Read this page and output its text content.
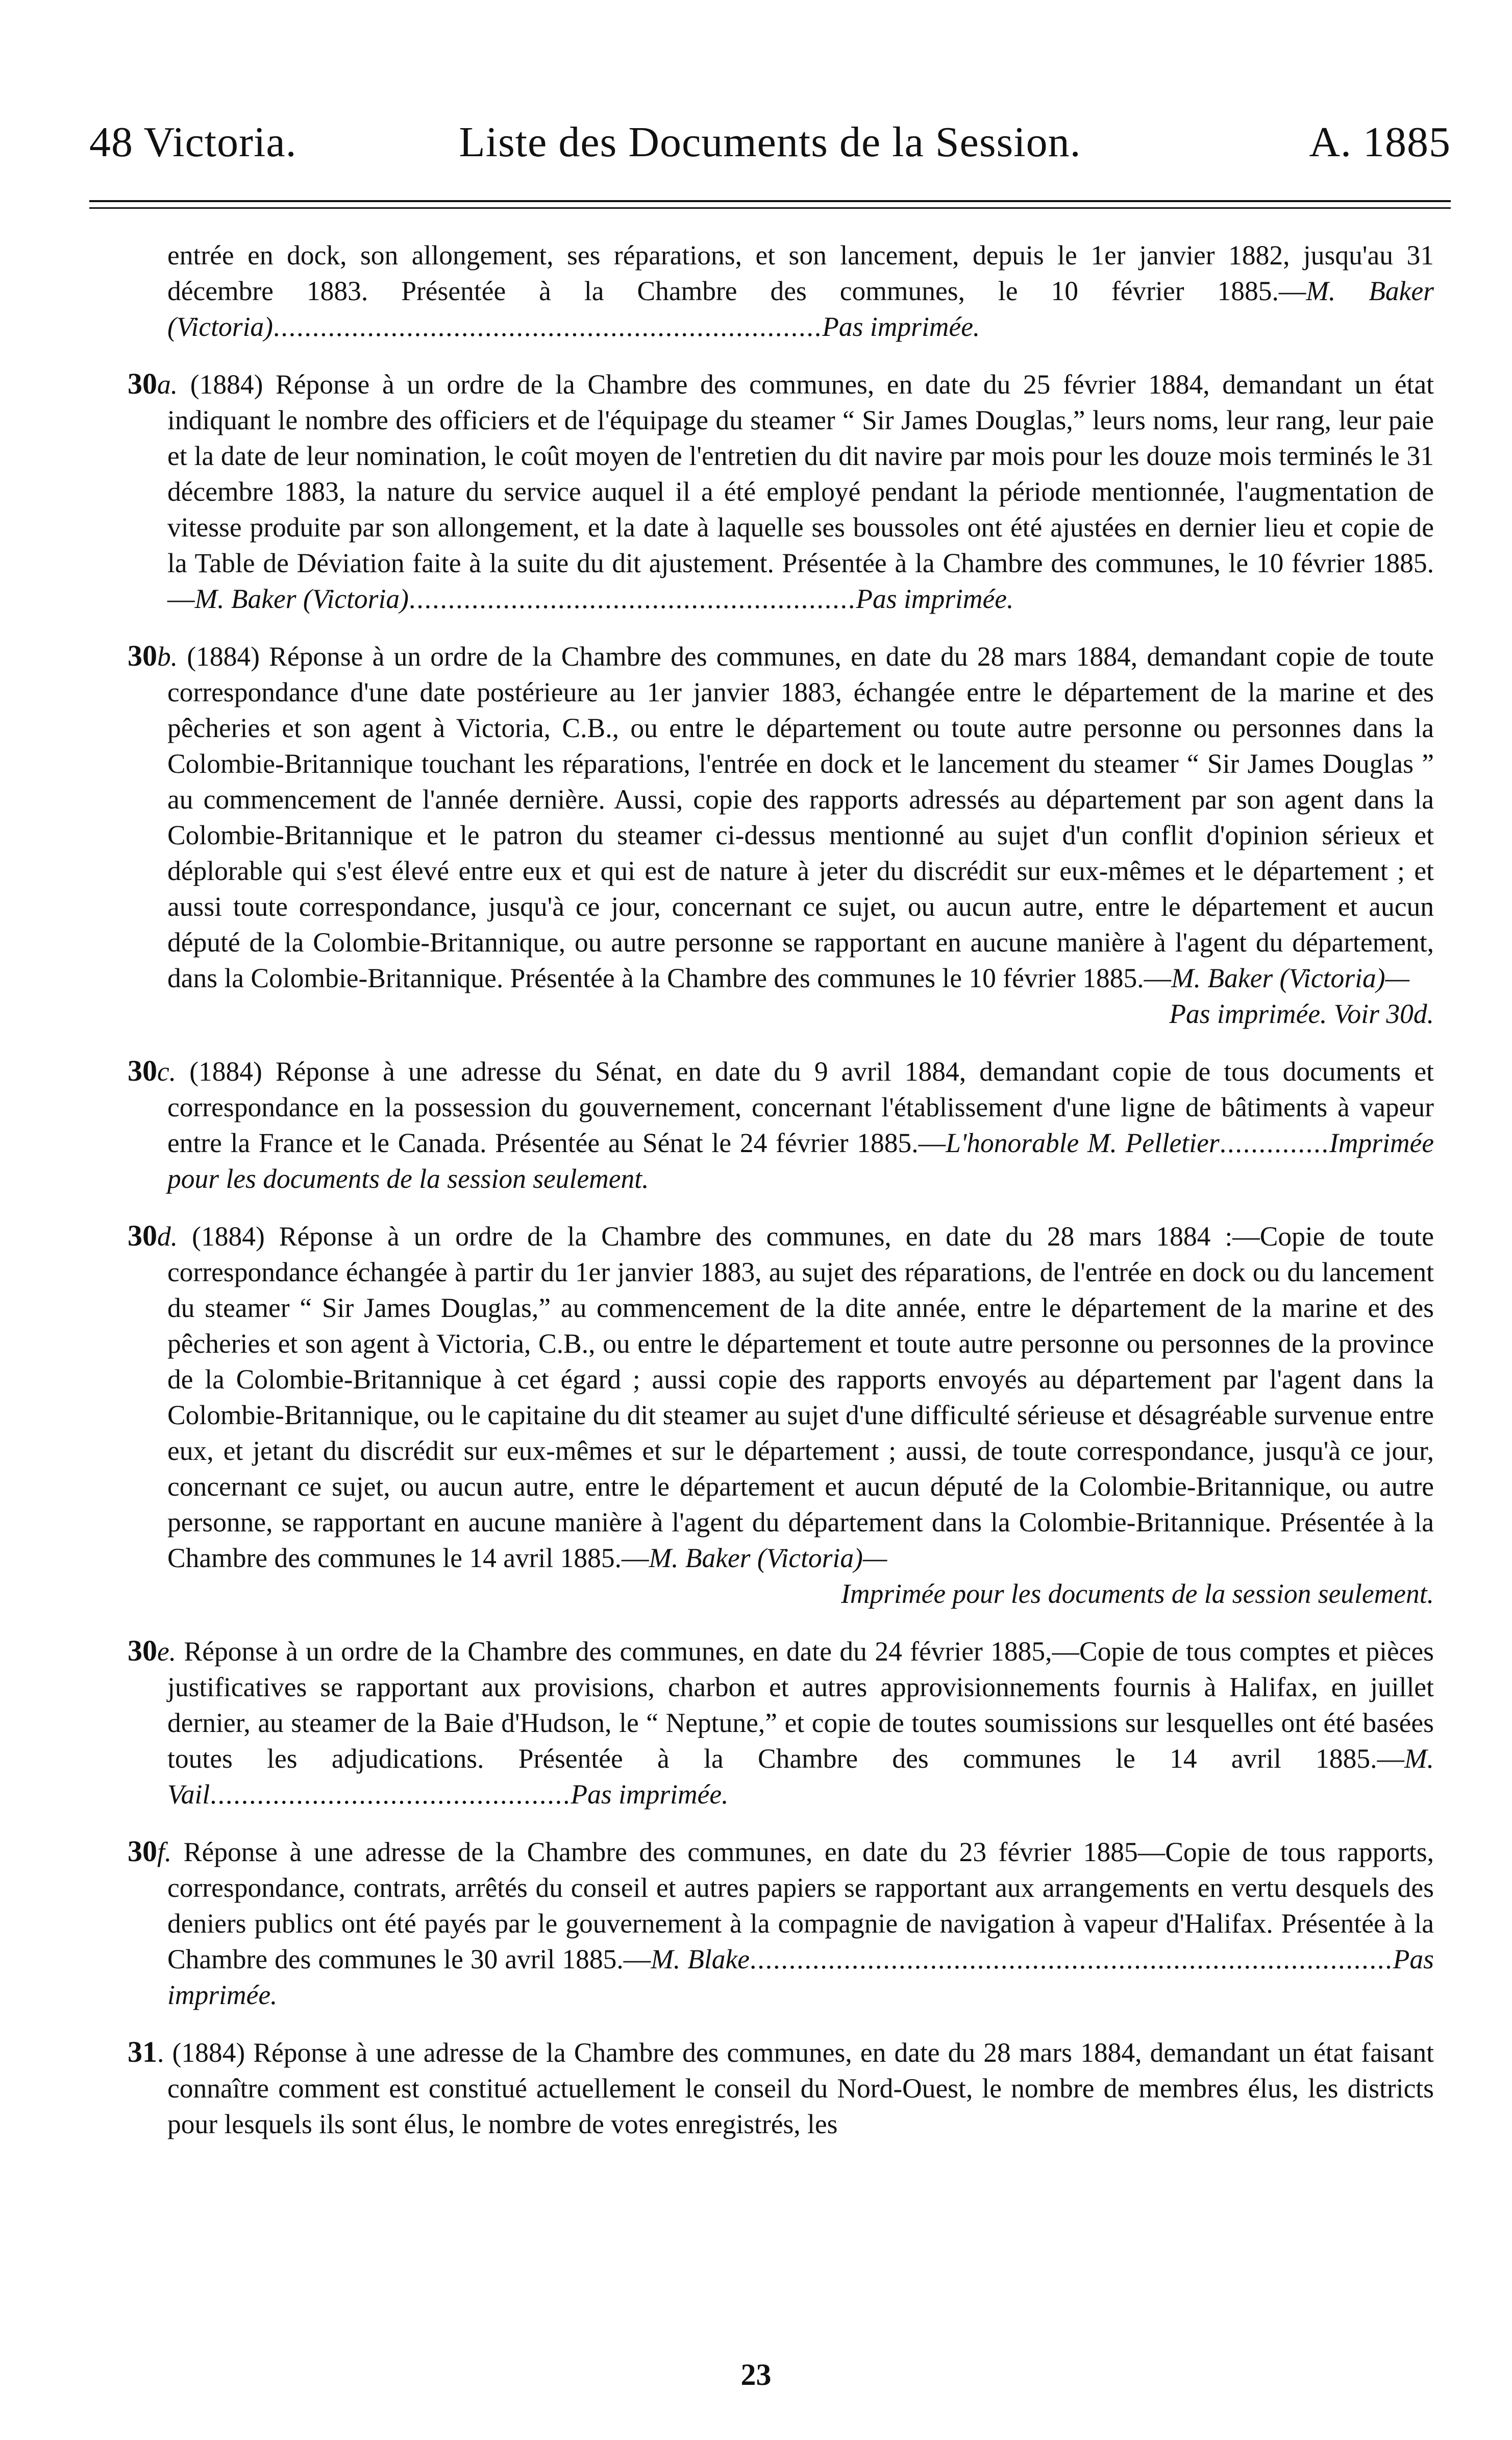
48 Victoria.	Liste des Documents de la Session.	A. 1885

entrée en dock, son allongement, ses réparations, et son lancement, depuis le 1er janvier 1882, jusqu'au 31 décembre 1883. Présentée à la Chambre des communes, le 10 février 1885.—M. Baker (Victoria)......................................................................Pas imprimée.

30a. (1884) Réponse à un ordre de la Chambre des communes, en date du 25 février 1884, demandant un état indiquant le nombre des officiers et de l'équipage du steamer “ Sir James Douglas,” leurs noms, leur rang, leur paie et la date de leur nomination, le coût moyen de l'entretien du dit navire par mois pour les douze mois terminés le 31 décembre 1883, la nature du service auquel il a été employé pendant la période mentionnée, l'augmentation de vitesse produite par son allongement, et la date à laquelle ses boussoles ont été ajustées en dernier lieu et copie de la Table de Déviation faite à la suite du dit ajustement. Présentée à la Chambre des communes, le 10 février 1885.—M. Baker (Victoria).........................................................Pas imprimée.

30b. (1884) Réponse à un ordre de la Chambre des communes, en date du 28 mars 1884, demandant copie de toute correspondance d'une date postérieure au 1er janvier 1883, échangée entre le département de la marine et des pêcheries et son agent à Victoria, C.B., ou entre le département ou toute autre personne ou personnes dans la Colombie-Britannique touchant les réparations, l'entrée en dock et le lancement du steamer “ Sir James Douglas ” au commencement de l'année dernière. Aussi, copie des rapports adressés au département par son agent dans la Colombie-Britannique et le patron du steamer ci-dessus mentionné au sujet d'un conflit d'opinion sérieux et déplorable qui s'est élevé entre eux et qui est de nature à jeter du discrédit sur eux-mêmes et le département ; et aussi toute correspondance, jusqu'à ce jour, concernant ce sujet, ou aucun autre, entre le département et aucun député de la Colombie-Britannique, ou autre personne se rapportant en aucune manière à l'agent du département, dans la Colombie-Britannique. Présentée à la Chambre des communes le 10 février 1885.—M. Baker (Victoria)—
Pas imprimée. Voir 30d.

30c. (1884) Réponse à une adresse du Sénat, en date du 9 avril 1884, demandant copie de tous documents et correspondance en la possession du gouvernement, concernant l'établissement d'une ligne de bâtiments à vapeur entre la France et le Canada. Présentée au Sénat le 24 février 1885.—L'honorable M. Pelletier..............Imprimée pour les documents de la session seulement.

30d. (1884) Réponse à un ordre de la Chambre des communes, en date du 28 mars 1884 :—Copie de toute correspondance échangée à partir du 1er janvier 1883, au sujet des réparations, de l'entrée en dock ou du lancement du steamer “ Sir James Douglas,” au commencement de la dite année, entre le département de la marine et des pêcheries et son agent à Victoria, C.B., ou entre le département et toute autre personne ou personnes de la province de la Colombie-Britannique à cet égard ; aussi copie des rapports envoyés au département par l'agent dans la Colombie-Britannique, ou le capitaine du dit steamer au sujet d'une difficulté sérieuse et désagréable survenue entre eux, et jetant du discrédit sur eux-mêmes et sur le département ; aussi, de toute correspondance, jusqu'à ce jour, concernant ce sujet, ou aucun autre, entre le département et aucun député de la Colombie-Britannique, ou autre personne, se rapportant en aucune manière à l'agent du département dans la Colombie-Britannique. Présentée à la Chambre des communes le 14 avril 1885.—M. Baker (Victoria)—
Imprimée pour les documents de la session seulement.

30e. Réponse à un ordre de la Chambre des communes, en date du 24 février 1885,—Copie de tous comptes et pièces justificatives se rapportant aux provisions, charbon et autres approvisionnements fournis à Halifax, en juillet dernier, au steamer de la Baie d'Hudson, le “ Neptune,” et copie de toutes soumissions sur lesquelles ont été basées toutes les adjudications. Présentée à la Chambre des communes le 14 avril 1885.—M. Vail..............................................Pas imprimée.

30f. Réponse à une adresse de la Chambre des communes, en date du 23 février 1885—Copie de tous rapports, correspondance, contrats, arrêtés du conseil et autres papiers se rapportant aux arrangements en vertu desquels des deniers publics ont été payés par le gouvernement à la compagnie de navigation à vapeur d'Halifax. Présentée à la Chambre des communes le 30 avril 1885.—M. Blake..................................................................................Pas imprimée.

31. (1884) Réponse à une adresse de la Chambre des communes, en date du 28 mars 1884, demandant un état faisant connaître comment est constitué actuellement le conseil du Nord-Ouest, le nombre de membres élus, les districts pour lesquels ils sont élus, le nombre de votes enregistrés, les

23
